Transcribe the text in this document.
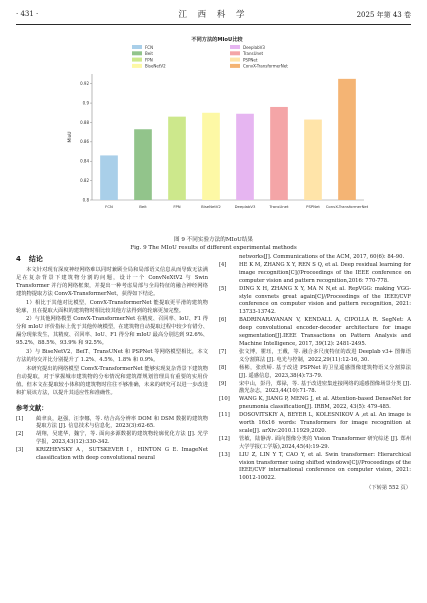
· 431 ·	江 西 科 学	2025 年第 43 卷
不同方法的MIoU比较
FCN
Beit
FPN
BiseNetV2
DeeplabV3
TransUnet
PSPNet
ConvX-TransformerNet
0.8
0.82
0.84
0.86
0.88
0.9
0.92
MIoU
FCN	Beit	FPN	BiseNetV2	DeeplabV3	TransUnet	PSPNet ConvX-TransformerNet
图 9 不同实验方法的MIoU结果
Fig. 9 The MIoU results of different experimental methods
4 结论

本文针对现有深度神经网络难以同时兼顾全局和局部语义信息从而导致无法满足在复杂背景下建筑物分割的问题，设计一个 ConvNeXtV2 与 Swin Transformer 并行的网络框架，并提出一种考虑局部与全局特征的融合神经网络建筑物提取方法 ConvX-TransformerNet，获得如下结论。

1）相比于其他对比模型，ConvX-TransformerNet 能提取更平滑的建筑物轮廓，且在提取大面积的建筑物时相比较其他方法得到的轮廓更加完整。

2）与其他网络模型 ConvX-TransformerNet 在精度、召回率、IoU、F1 得分和 mIoU 评价指标上优于其他传统模型，在建筑物自动提取过程中较少有错分、漏分现象发生，其精度、召回率、IoU、F1 得分和 mIoU 最高分别达到 92.6%、95.2%、88.5%、93.9% 和 92.5%。

3）与 BiseNetV2、BeiT、TransUNet 和 PSPNet 等网络模型相比，本文方法的均交并比分别提升了 1.2%、4.5%、1.8% 和 0.9%。

本研究提出的网络模型 ConvX-TransformerNet 能够实现复杂背景下建筑物自动提取，对于掌握城市建筑物的分布情况和建筑群规划管理具有重要的实用价值。但本文在提取较小体积的建筑物时往往不够准确，未来的研究可以进一步改进和扩展该方法，以提升其适应性和准确性。

参考文献：
[1]	蔺聿良，赵强，汪李娜，等. 结合高分辨率 DOM 和 DSM 数据的建筑物提取方法 [J]. 信息技术与信息化，2023(3):62-65.
[2]	胡翔，吴建华，魏宁，等. 面向多源数据的建筑物轮廓优化方法 [J]. 光学学报，2023,43(12):330-342.
[3]	KRIZHEVSKY A，SUTSKEVER I，HINTON G E. ImageNet classification with deep convolutional neural

networks[J]. Communications of the ACM, 2017, 60(6): 84-90.

[4]	HE K M, ZHANG X Y, REN S Q, et al. Deep residual learning for image recognition[C]//Proceedings of the IEEE conference on computer vision and pattern recognition,2016: 770-778.
[5]	DING X H, ZHANG X Y, MA N N,et al. RepVGG: making VGG-style convnets great again[C]//Proceedings of the IEEE/CVF conference on computer vision and pattern recognition, 2021: 13733-13742.
[6]	BADRINARAYANAN V, KENDALL A, CIPOLLA R. SegNet: A deep convolutional encoder-decoder architecture for image segmentation[J].IEEE Transactions on Pattern Analysis and Machine Intelligence, 2017, 39(12): 2481-2495.
[7]	张文博，瞿珏，王戴，等. 融合多尺度特征的改进 Deeplab v3+ 图像语义分割算法 [J]. 电光与控制，2022,29(11):12-16, 30.
[8]	杨彬，张欣峤. 基于改进 PSPNet 的卫星遥感图像建筑物语义分割算法 [J]. 遥感信息，2023,38(4):73-79.
[9]	宋中山，彭丹，郑禄，等. 基于改进密集连接网络的遥感图像场景分类 [J]. 激光杂志，2023,44(10):71-78.
[10]	WANG K, JIANG P, MENG J, et al. Attention-based DenseNet for pneumonia classification[J]. IRBM, 2022, 43(5): 479-485.
[11]	DOSOVITSKIY A, BEYER L, KOLESNIKOV A ,et al. An image is worth 16x16 words: Transformers for image recognition at scale[J]. arXiv:2010.11929,2020.
[12]	管敏，陆静涛. 面向图像分类的 Vision Transformer 研究综述 [J]. 郑州大学学报(工学版),2024,45(4):19-29.
[13]	LIU Z, LIN Y T, CAO Y, et al. Swin transformer: Hierarchical vision transformer using shifted windows[C]//Proceedings of the IEEE/CVF international conference on computer vision, 2021: 10012-10022.
（下转第 552 页）
